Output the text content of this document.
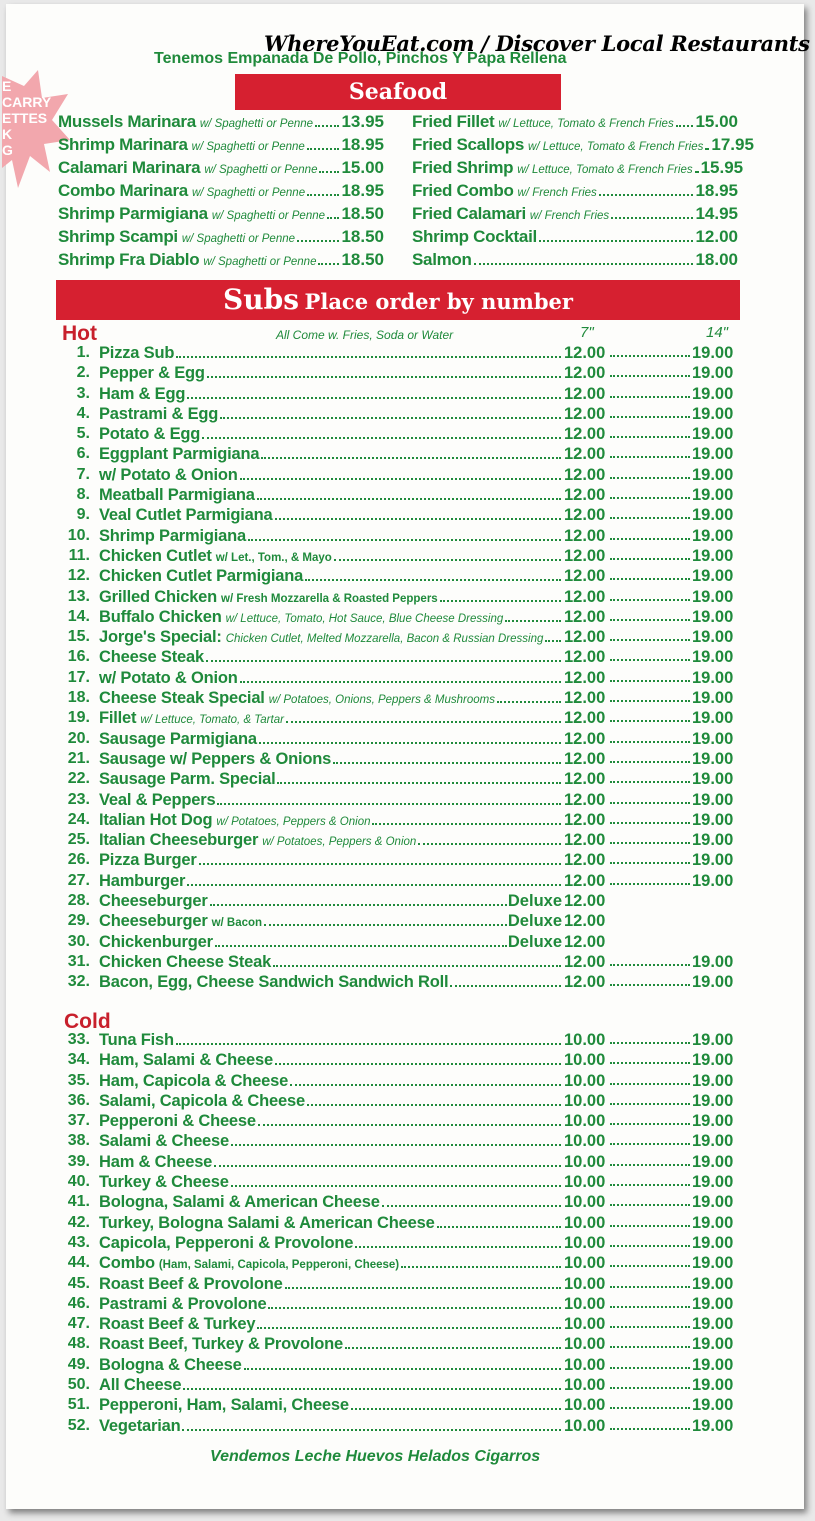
WhereYouEat.com / Discover Local Restaurants
Tenemos Empanada De Pollo, Pinchos Y Papa Rellena
E
CARRY
ETTES
K
G
Seafood
Mussels Marinara w/ Spaghetti or Penne 13.95
Shrimp Marinara w/ Spaghetti or Penne 18.95
Calamari Marinara w/ Spaghetti or Penne 15.00
Combo Marinara w/ Spaghetti or Penne 18.95
Shrimp Parmigiana w/ Spaghetti or Penne 18.50
Shrimp Scampi w/ Spaghetti or Penne	18.50
Shrimp Fra Diablo w/ Spaghetti or Penne 18.50
Fried Fillet w/ Lettuce, Tomato & French Fries 15.00
Fried Scallops w/ Lettuce, Tomato & French Fries 17.95
Fried Shrimp w/ Lettuce, Tomato & French Fries 15.95
Fried Combo w/ French Fries	18.95
Fried Calamari w/ French Fries	14.95
Shrimp Cocktail	12.00
Salmon	18.00
Subs Place order by number
Hot	All Come w. Fries, Soda or Water	7"	14"
1. Pizza Sub	12.00	19.00
2. Pepper & Egg	12.00	19.00
3. Ham & Egg	12.00	19.00
4. Pastrami & Egg	12.00	19.00
5. Potato & Egg	12.00	19.00
6. Eggplant Parmigiana	12.00	19.00
7. w/ Potato & Onion	12.00	19.00
8. Meatball Parmigiana	12.00	19.00
9. Veal Cutlet Parmigiana	12.00	19.00
10. Shrimp Parmigiana	12.00	19.00
11. Chicken Cutlet w/ Let., Tom., & Mayo	12.00	19.00
12. Chicken Cutlet Parmigiana	12.00	19.00
13. Grilled Chicken w/ Fresh Mozzarella & Roasted Peppers	12.00	19.00
14. Buffalo Chicken w/ Lettuce, Tomato, Hot Sauce, Blue Cheese Dressing	12.00	19.00
15. Jorge's Special: Chicken Cutlet, Melted Mozzarella, Bacon & Russian Dressing 12.00	19.00
16. Cheese Steak	12.00	19.00
17. w/ Potato & Onion	12.00	19.00
18. Cheese Steak Special w/ Potatoes, Onions, Peppers & Mushrooms	12.00	19.00
19. Fillet w/ Lettuce, Tomato, & Tartar	12.00	19.00
20. Sausage Parmigiana	12.00	19.00
21. Sausage w/ Peppers & Onions	12.00	19.00
22. Sausage Parm. Special	12.00	19.00
23. Veal & Peppers	12.00	19.00
24. Italian Hot Dog w/ Potatoes, Peppers & Onion	12.00	19.00
25. Italian Cheeseburger w/ Potatoes, Peppers & Onion	12.00	19.00
26. Pizza Burger	12.00	19.00
27. Hamburger	12.00	19.00
28. Cheeseburger	Deluxe 12.00
29. Cheeseburger w/ Bacon	Deluxe 12.00
30. Chickenburger	Deluxe 12.00
31. Chicken Cheese Steak	12.00	19.00
32. Bacon, Egg, Cheese Sandwich Sandwich Roll	12.00	19.00
Cold
33. Tuna Fish	10.00	19.00
34. Ham, Salami & Cheese	10.00	19.00
35. Ham, Capicola & Cheese	10.00	19.00
36. Salami, Capicola & Cheese	10.00	19.00
37. Pepperoni & Cheese	10.00	19.00
38. Salami & Cheese	10.00	19.00
39. Ham & Cheese	10.00	19.00
40. Turkey & Cheese	10.00	19.00
41. Bologna, Salami & American Cheese	10.00	19.00
42. Turkey, Bologna Salami & American Cheese	10.00	19.00
43. Capicola, Pepperoni & Provolone	10.00	19.00
44. Combo (Ham, Salami, Capicola, Pepperoni, Cheese)	10.00	19.00
45. Roast Beef & Provolone	10.00	19.00
46. Pastrami & Provolone	10.00	19.00
47. Roast Beef & Turkey	10.00	19.00
48. Roast Beef, Turkey & Provolone	10.00	19.00
49. Bologna & Cheese	10.00	19.00
50. All Cheese	10.00	19.00
51. Pepperoni, Ham, Salami, Cheese	10.00	19.00
52. Vegetarian	10.00	19.00
Vendemos Leche Huevos Helados Cigarros
